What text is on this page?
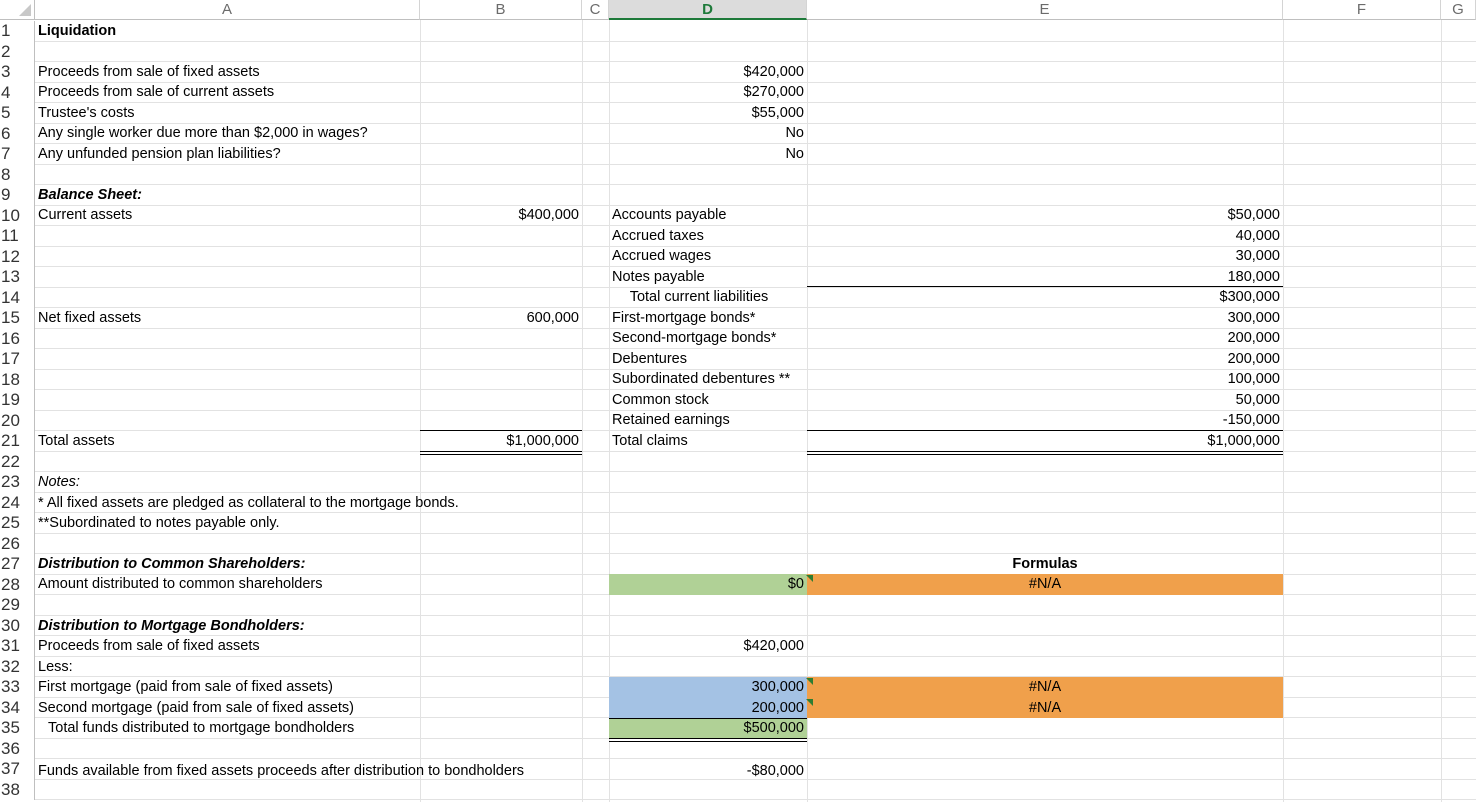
A	B	C	D	E	F	G
1
2
3
4
5
6
7
8
9
10
11
12
13
14
15
16
17
18
19
20
21
22
23
24
25
26
27
28
29
30
31
32
33
34
35
36
37
38
Liquidation
Proceeds from sale of fixed assets	$420,000
Proceeds from sale of current assets	$270,000
Trustee's costs	$55,000
Any single worker due more than $2,000 in wages?	No
Any unfunded pension plan liabilities?	No
Balance Sheet:
Current assets	$400,000 Accounts payable	$50,000
Accrued taxes	40,000
Accrued wages	30,000
Notes payable	180,000
Total current liabilities	$300,000
Net fixed assets	600,000 First-mortgage bonds*	300,000
Second-mortgage bonds*	200,000
Debentures	200,000
Subordinated debentures **	100,000
Common stock	50,000
Retained earnings	-150,000
Total assets	$1,000,000 Total claims	$1,000,000
Notes:
* All fixed assets are pledged as collateral to the mortgage bonds.
**Subordinated to notes payable only.
Distribution to Common Shareholders:	Formulas
Amount distributed to common shareholders	$0	#N/A
Distribution to Mortgage Bondholders:
Proceeds from sale of fixed assets	$420,000
Less:
First mortgage (paid from sale of fixed assets)	300,000	#N/A
Second mortgage (paid from sale of fixed assets)	200,000	#N/A
Total funds distributed to mortgage bondholders	$500,000
Funds available from fixed assets proceeds after distribution to bondholders	-$80,000
